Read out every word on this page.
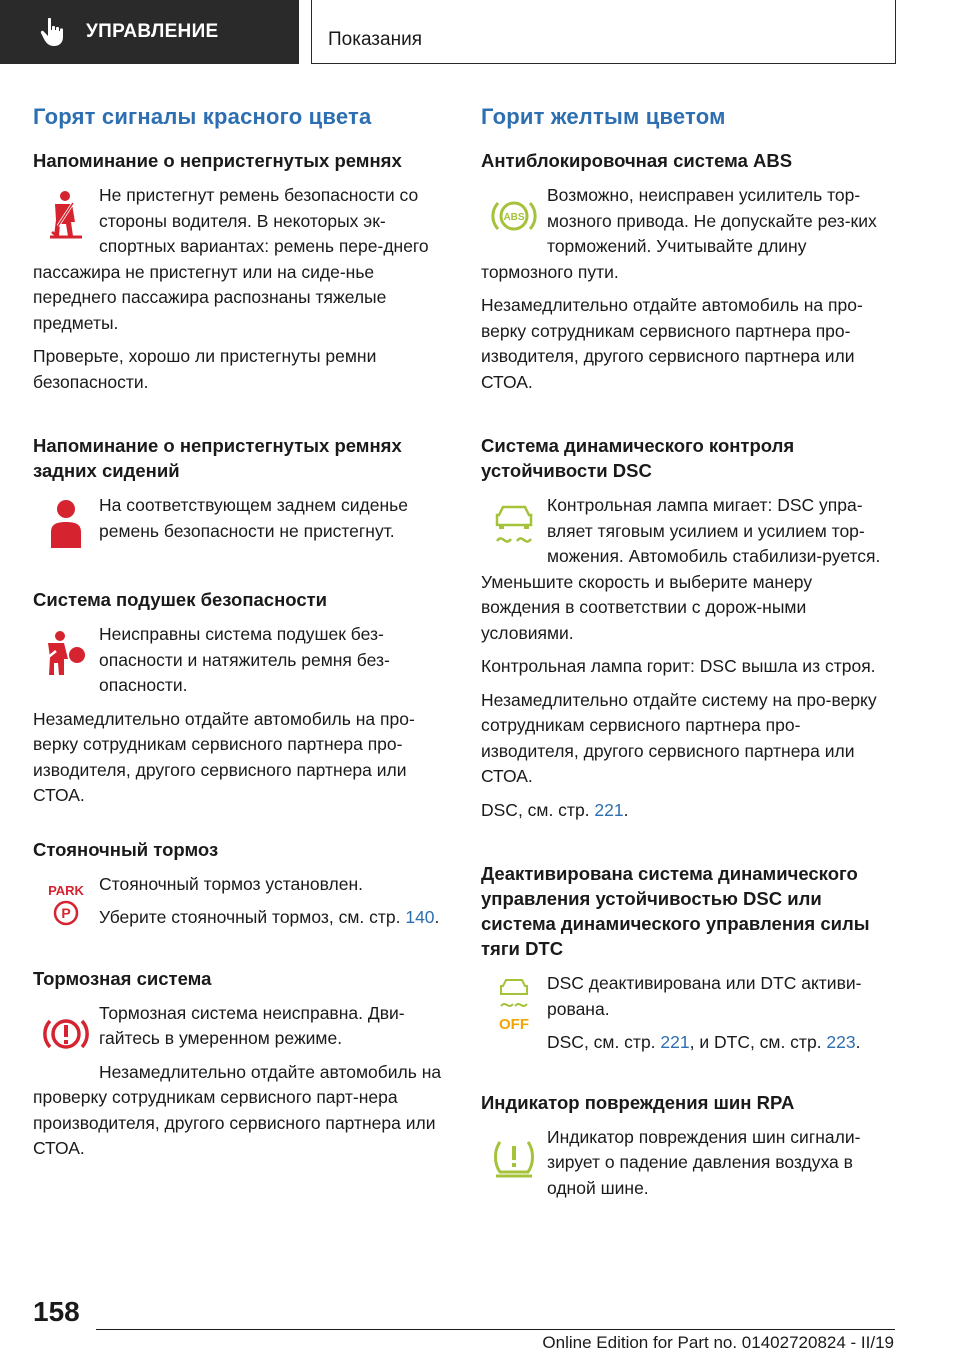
УПРАВЛЕНИЕ	Показания
Горят сигналы красного цвета
Напоминание о непристегнутых ремнях

Не пристегнут ремень безопасности со стороны водителя. В некоторых эк-спортных вариантах: ремень пере-днего пассажира не пристегнут или на сиде-нье переднего пассажира распознаны тяжелые предметы.

Проверьте, хорошо ли пристегнуты ремни безопасности.

Напоминание о непристегнутых ремнях задних сидений

На соответствующем заднем сиденье ремень безопасности не пристегнут.

Система подушек безопасности

Неисправны система подушек без-опасности и натяжитель ремня без-опасности.

Незамедлительно отдайте автомобиль на про-верку сотрудникам сервисного партнера про-изводителя, другого сервисного партнера или СТОА.

Стояночный тормоз
PARK
P

Стояночный тормоз установлен.

Уберите стояночный тормоз, см. стр. 140.

Тормозная система

Тормозная система неисправна. Дви-гайтесь в умеренном режиме.

Незамедлительно отдайте автомобиль на проверку сотрудникам сервисного парт-нера производителя, другого сервисного партнера или СТОА.

Горит желтым цветом
Антиблокировочная система ABS
ABS

Возможно, неисправен усилитель тор-мозного привода. Не допускайте рез-ких торможений. Учитывайте длину тормозного пути.

Незамедлительно отдайте автомобиль на про-верку сотрудникам сервисного партнера про-изводителя, другого сервисного партнера или СТОА.

Система динамического контроля устойчивости DSC

Контрольная лампа мигает: DSC упра-вляет тяговым усилием и усилием тор-можения. Автомобиль стабилизи-руется. Уменьшите скорость и выберите манеру вождения в соответствии с дорож-ными условиями.

Контрольная лампа горит: DSC вышла из строя.

Незамедлительно отдайте систему на про-верку сотрудникам сервисного партнера про-изводителя, другого сервисного партнера или СТОА.

DSC, см. стр. 221.

Деактивирована система динамического управления устойчивостью DSC или система динамического управления силы тяги DTC
OFF

DSC деактивирована или DTC активи-рована.

DSC, см. стр. 221, и DTC, см. стр. 223.

Индикатор повреждения шин RPA

Индикатор повреждения шин сигнали-зирует о падение давления воздуха в одной шине.

158
Online Edition for Part no. 01402720824 - II/19
